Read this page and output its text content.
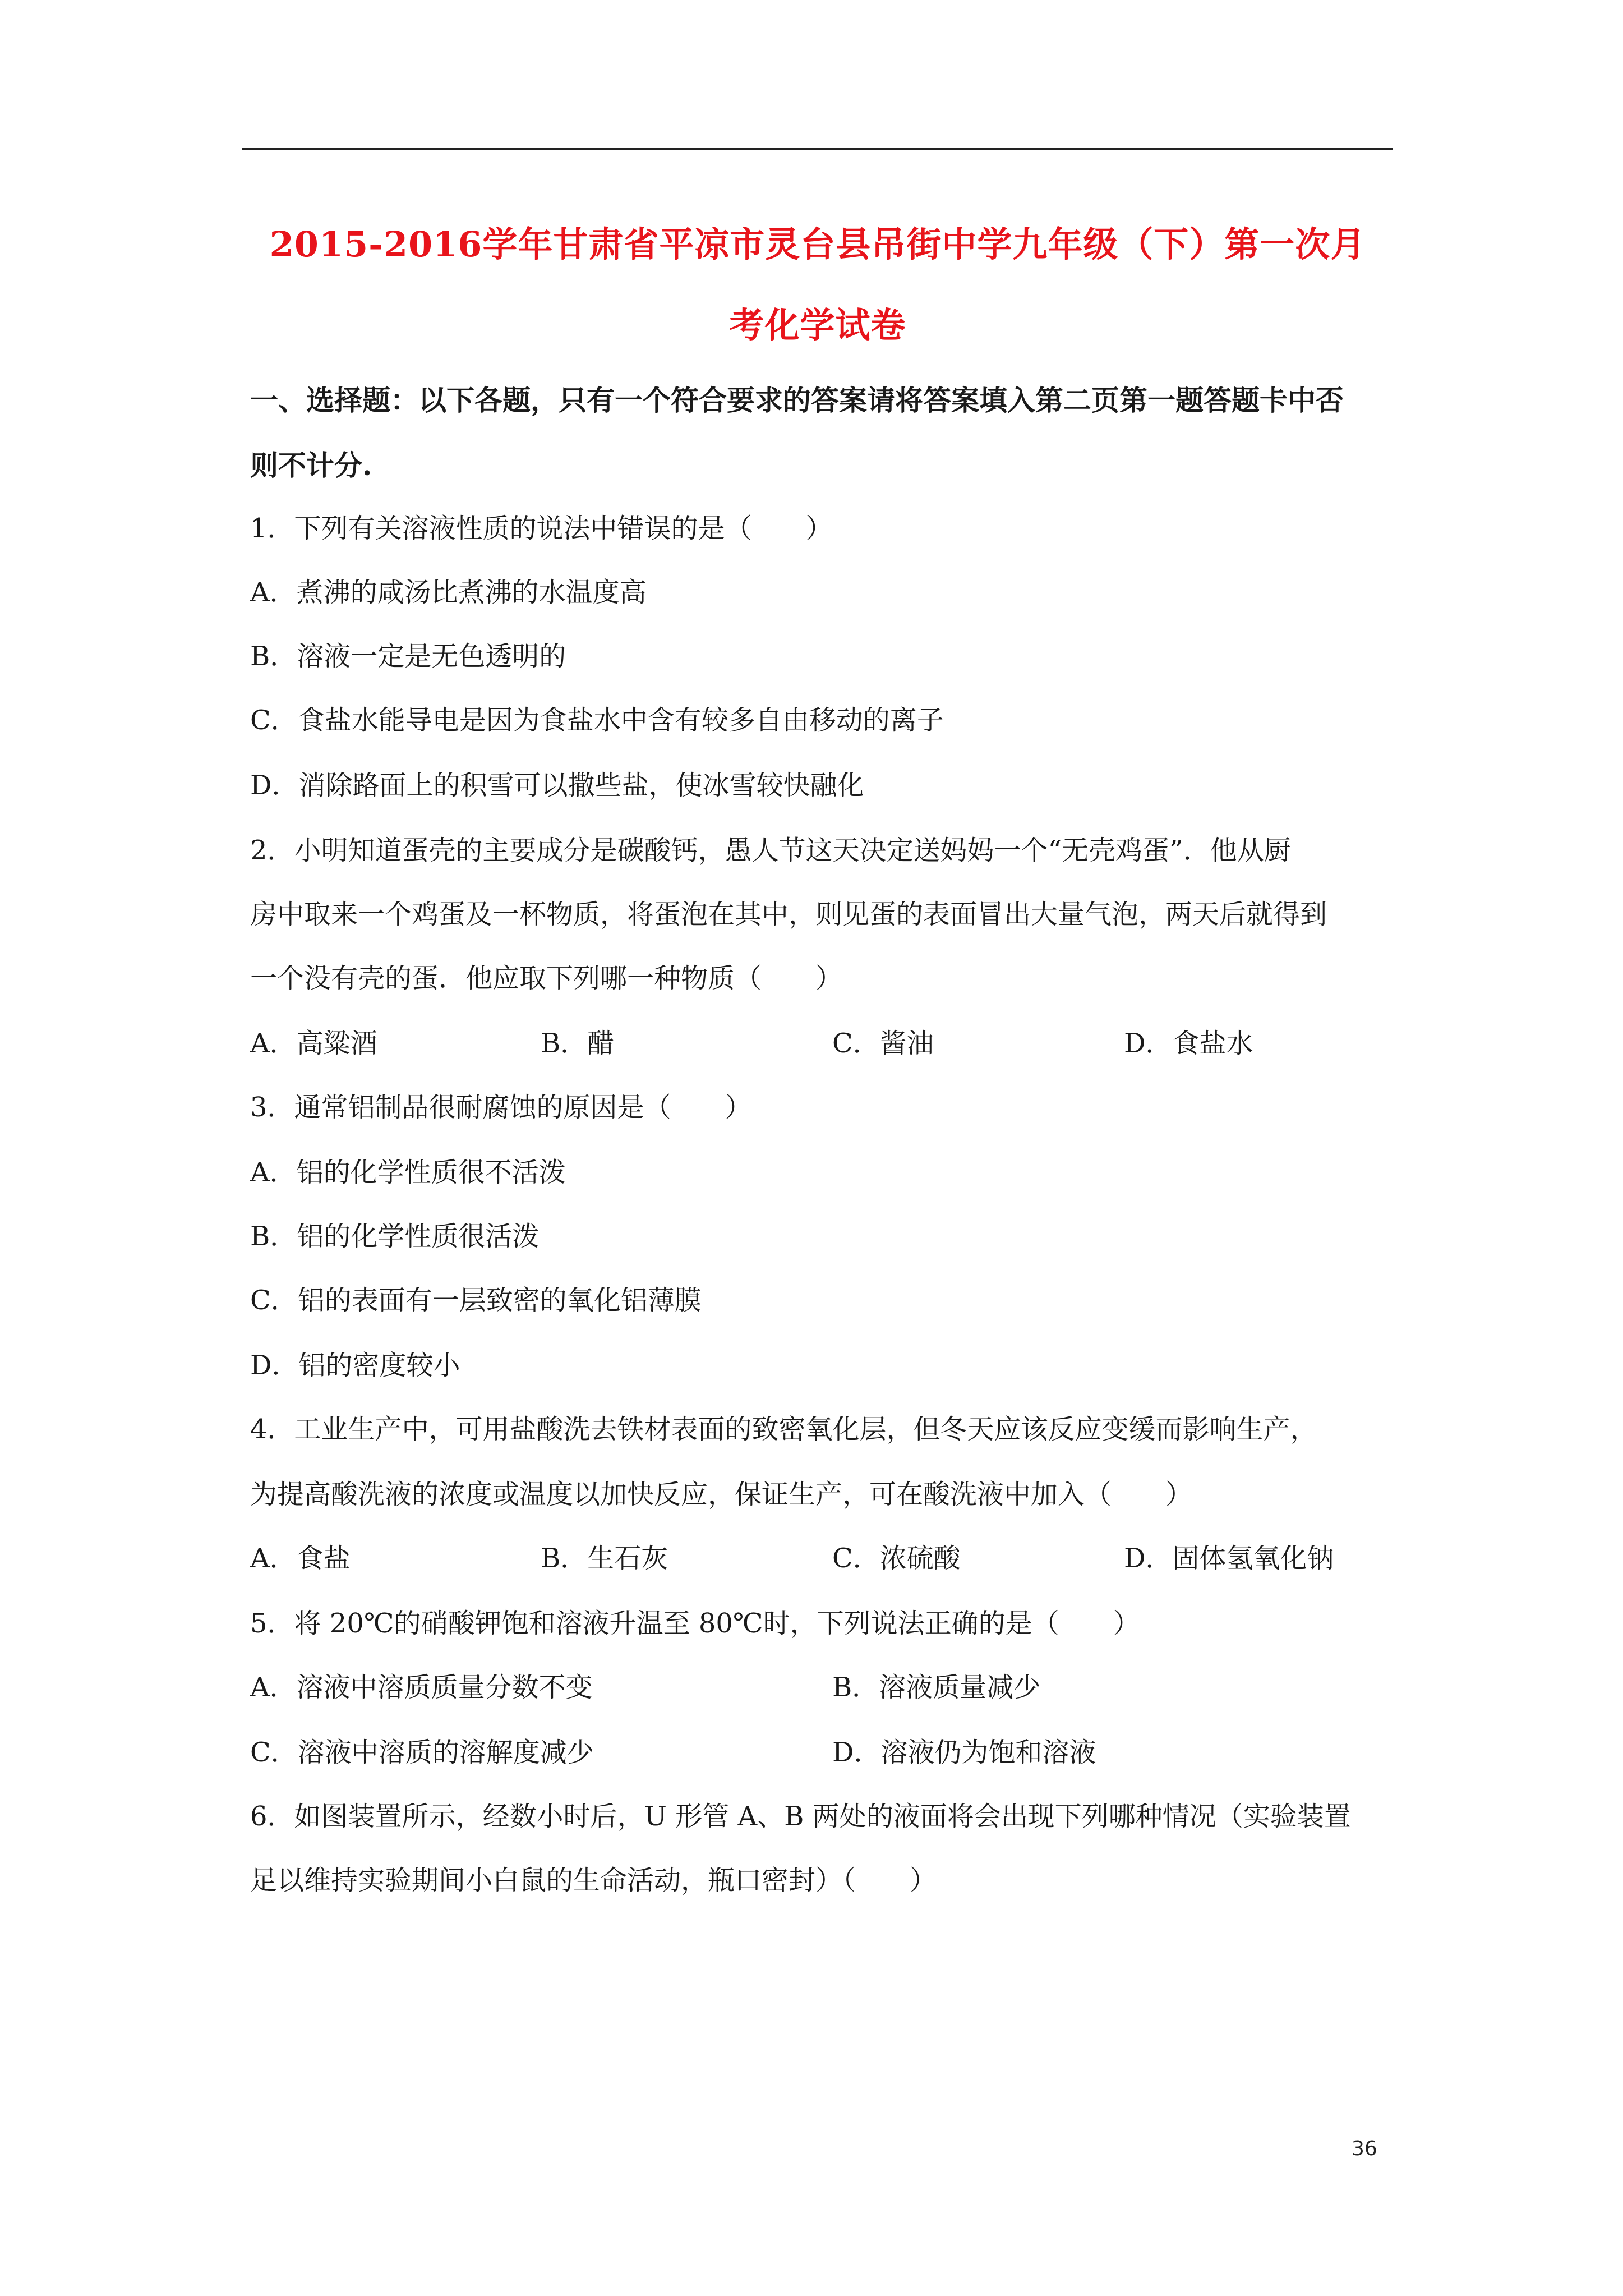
2015-2016学年甘肃省平凉市灵台县吊街中学九年级（下）第一次月
考化学试卷
一、选择题：以下各题，只有一个符合要求的答案请将答案填入第二页第一题答题卡中否
则不计分.
1．下列有关溶液性质的说法中错误的是（　　）
A．煮沸的咸汤比煮沸的水温度高
B．溶液一定是无色透明的
C．食盐水能导电是因为食盐水中含有较多自由移动的离子
D．消除路面上的积雪可以撒些盐，使冰雪较快融化
2．小明知道蛋壳的主要成分是碳酸钙，愚人节这天决定送妈妈一个“无壳鸡蛋”．他从厨
房中取来一个鸡蛋及一杯物质，将蛋泡在其中，则见蛋的表面冒出大量气泡，两天后就得到
一个没有壳的蛋．他应取下列哪一种物质（　　）
A．高粱酒	B．醋	C．酱油	D．食盐水
3．通常铝制品很耐腐蚀的原因是（　　）
A．铝的化学性质很不活泼
B．铝的化学性质很活泼
C．铝的表面有一层致密的氧化铝薄膜
D．铝的密度较小
4．工业生产中，可用盐酸洗去铁材表面的致密氧化层，但冬天应该反应变缓而影响生产，
为提高酸洗液的浓度或温度以加快反应，保证生产，可在酸洗液中加入（　　）
A．食盐	B．生石灰	C．浓硫酸	D．固体氢氧化钠
5．将 20℃的硝酸钾饱和溶液升温至 80℃时，下列说法正确的是（　　）
A．溶液中溶质质量分数不变	B．溶液质量减少
C．溶液中溶质的溶解度减少	D．溶液仍为饱和溶液
6．如图装置所示，经数小时后，U 形管 A、B 两处的液面将会出现下列哪种情况（实验装置
足以维持实验期间小白鼠的生命活动，瓶口密封）（　　）
36
